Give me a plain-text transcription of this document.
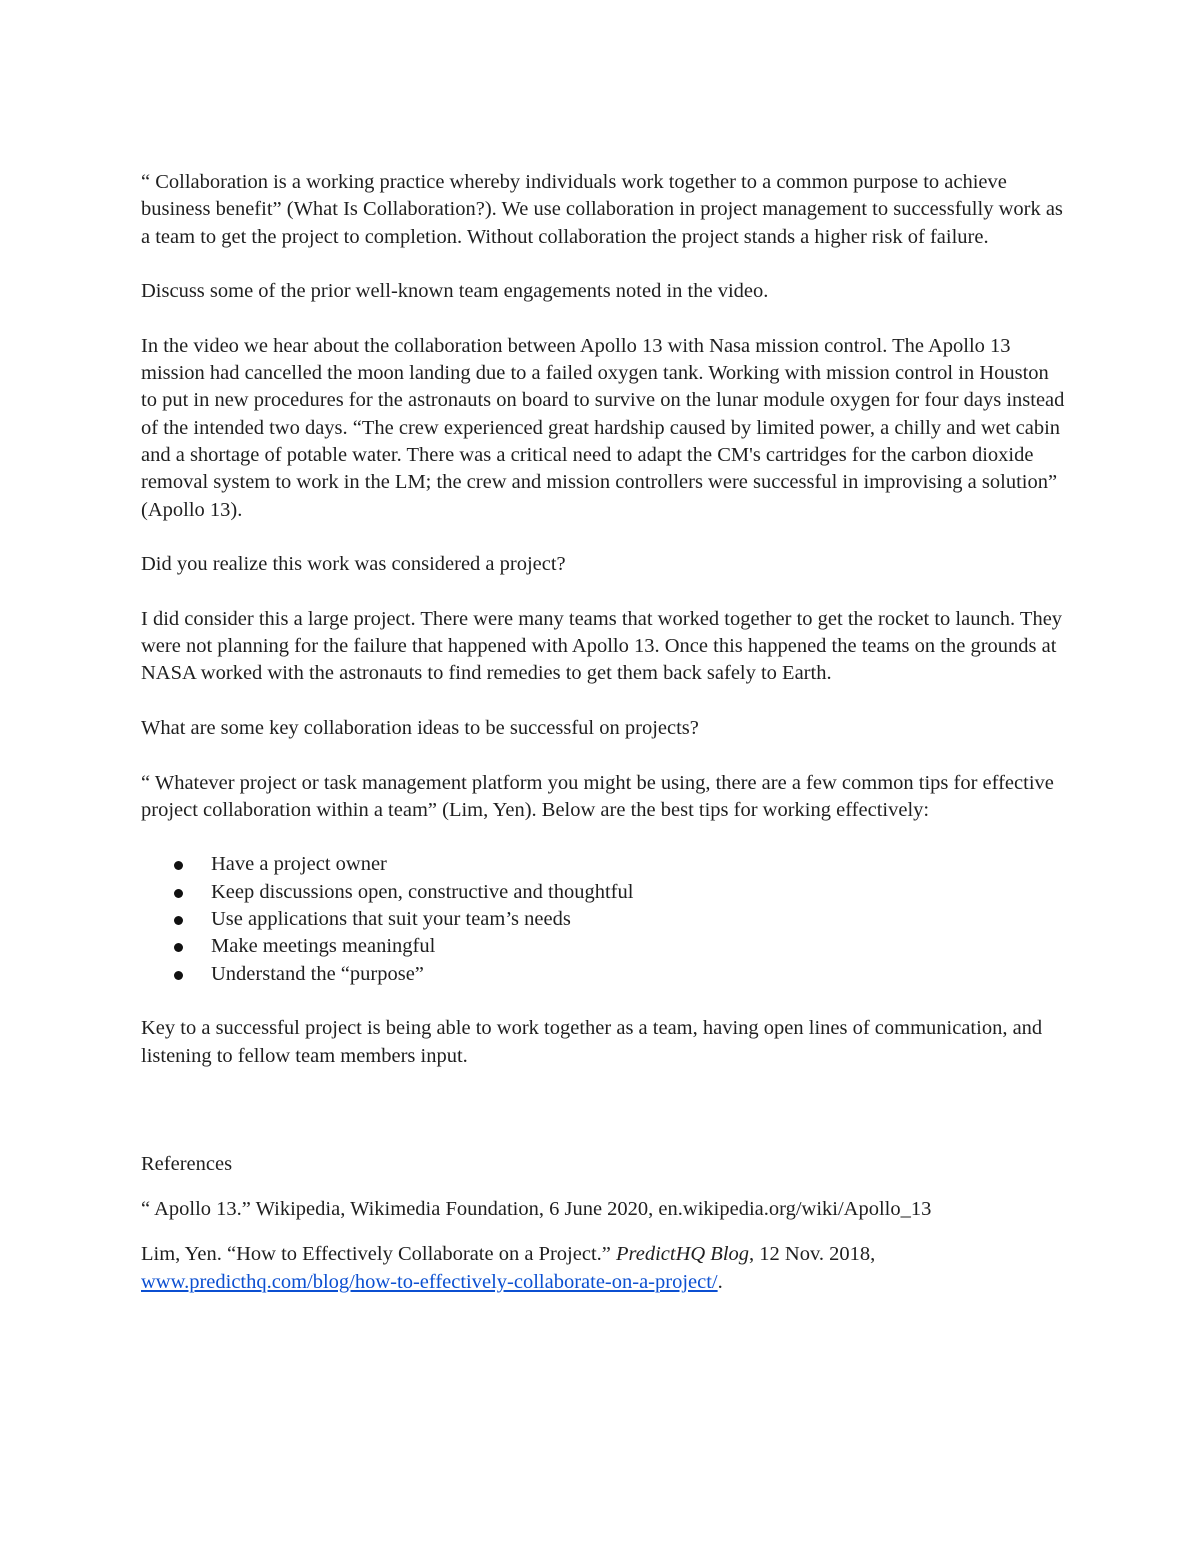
“ Collaboration is a working practice whereby individuals work together to a common purpose to achieve business benefit” (What Is Collaboration?). We use collaboration in project management to successfully work as a team to get the project to completion. Without collaboration the project stands a higher risk of failure.

Discuss some of the prior well-known team engagements noted in the video.

In the video we hear about the collaboration between Apollo 13 with Nasa mission control. The Apollo 13 mission had cancelled the moon landing due to a failed oxygen tank. Working with mission control in Houston to put in new procedures for the astronauts on board to survive on the lunar module oxygen for four days instead of the intended two days. “The crew experienced great hardship caused by limited power, a chilly and wet cabin and a shortage of potable water. There was a critical need to adapt the CM's cartridges for the carbon dioxide removal system to work in the LM; the crew and mission controllers were successful in improvising a solution” (Apollo 13).

Did you realize this work was considered a project?

I did consider this a large project. There were many teams that worked together to get the rocket to launch. They were not planning for the failure that happened with Apollo 13. Once this happened the teams on the grounds at NASA worked with the astronauts to find remedies to get them back safely to Earth.

What are some key collaboration ideas to be successful on projects?

“ Whatever project or task management platform you might be using, there are a few common tips for effective project collaboration within a team” (Lim, Yen). Below are the best tips for working effectively:

Have a project owner
Keep discussions open, constructive and thoughtful
Use applications that suit your team’s needs
Make meetings meaningful
Understand the “purpose”

Key to a successful project is being able to work together as a team, having open lines of communication, and listening to fellow team members input.

References

“ Apollo 13.” Wikipedia, Wikimedia Foundation, 6 June 2020, en.wikipedia.org/wiki/Apollo_13

Lim, Yen. “How to Effectively Collaborate on a Project.” PredictHQ Blog, 12 Nov. 2018,
www.predicthq.com/blog/how-to-effectively-collaborate-on-a-project/.
